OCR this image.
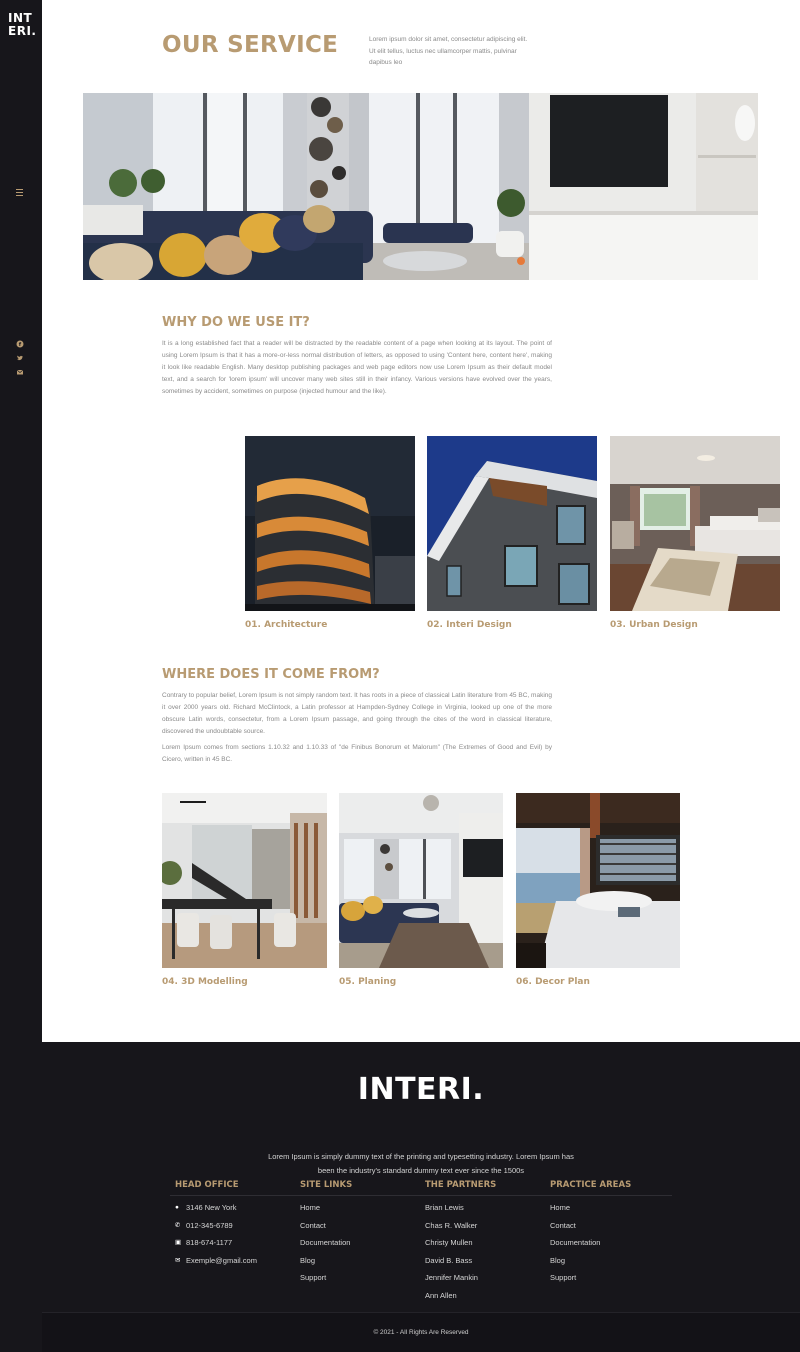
INT
ERI.
f
OUR SERVICE	Lorem ipsum dolor sit amet, consectetur adipiscing elit. Ut elit tellus, luctus nec ullamcorper mattis, pulvinar dapibus leo
WHY DO WE USE IT?
It is a long established fact that a reader will be distracted by the readable content of a page when looking at its layout. The point of using Lorem Ipsum is that it has a more-or-less normal distribution of letters, as opposed to using 'Content here, content here', making it look like readable English. Many desktop publishing packages and web page editors now use Lorem Ipsum as their default model text, and a search for 'lorem ipsum' will uncover many web sites still in their infancy. Various versions have evolved over the years, sometimes by accident, sometimes on purpose (injected humour and the like).
01. Architecture	02. Interi Design	03. Urban Design
WHERE DOES IT COME FROM?
Contrary to popular belief, Lorem Ipsum is not simply random text. It has roots in a piece of classical Latin literature from 45 BC, making it over 2000 years old. Richard McClintock, a Latin professor at Hampden-Sydney College in Virginia, looked up one of the more obscure Latin words, consectetur, from a Lorem Ipsum passage, and going through the cites of the word in classical literature, discovered the undoubtable source.
Lorem Ipsum comes from sections 1.10.32 and 1.10.33 of "de Finibus Bonorum et Malorum" (The Extremes of Good and Evil) by Cicero, written in 45 BC.
04. 3D Modelling	05. Planing	06. Decor Plan
INTERI.
Lorem Ipsum is simply dummy text of the printing and typesetting industry. Lorem Ipsum has been the industry's standard dummy text ever since the 1500s
HEAD OFFICE
● 3146 New York
✆ 012-345-6789
▣ 818-674-1177
✉ Exemple@gmail.com
SITE LINKS
Home
Contact
Documentation
Blog
Support
THE PARTNERS
Brian Lewis
Chas R. Walker
Christy Mullen
David B. Bass
Jennifer Mankin
Ann Allen
PRACTICE AREAS
Home
Contact
Documentation
Blog
Support
© 2021 - All Rights Are Reserved
